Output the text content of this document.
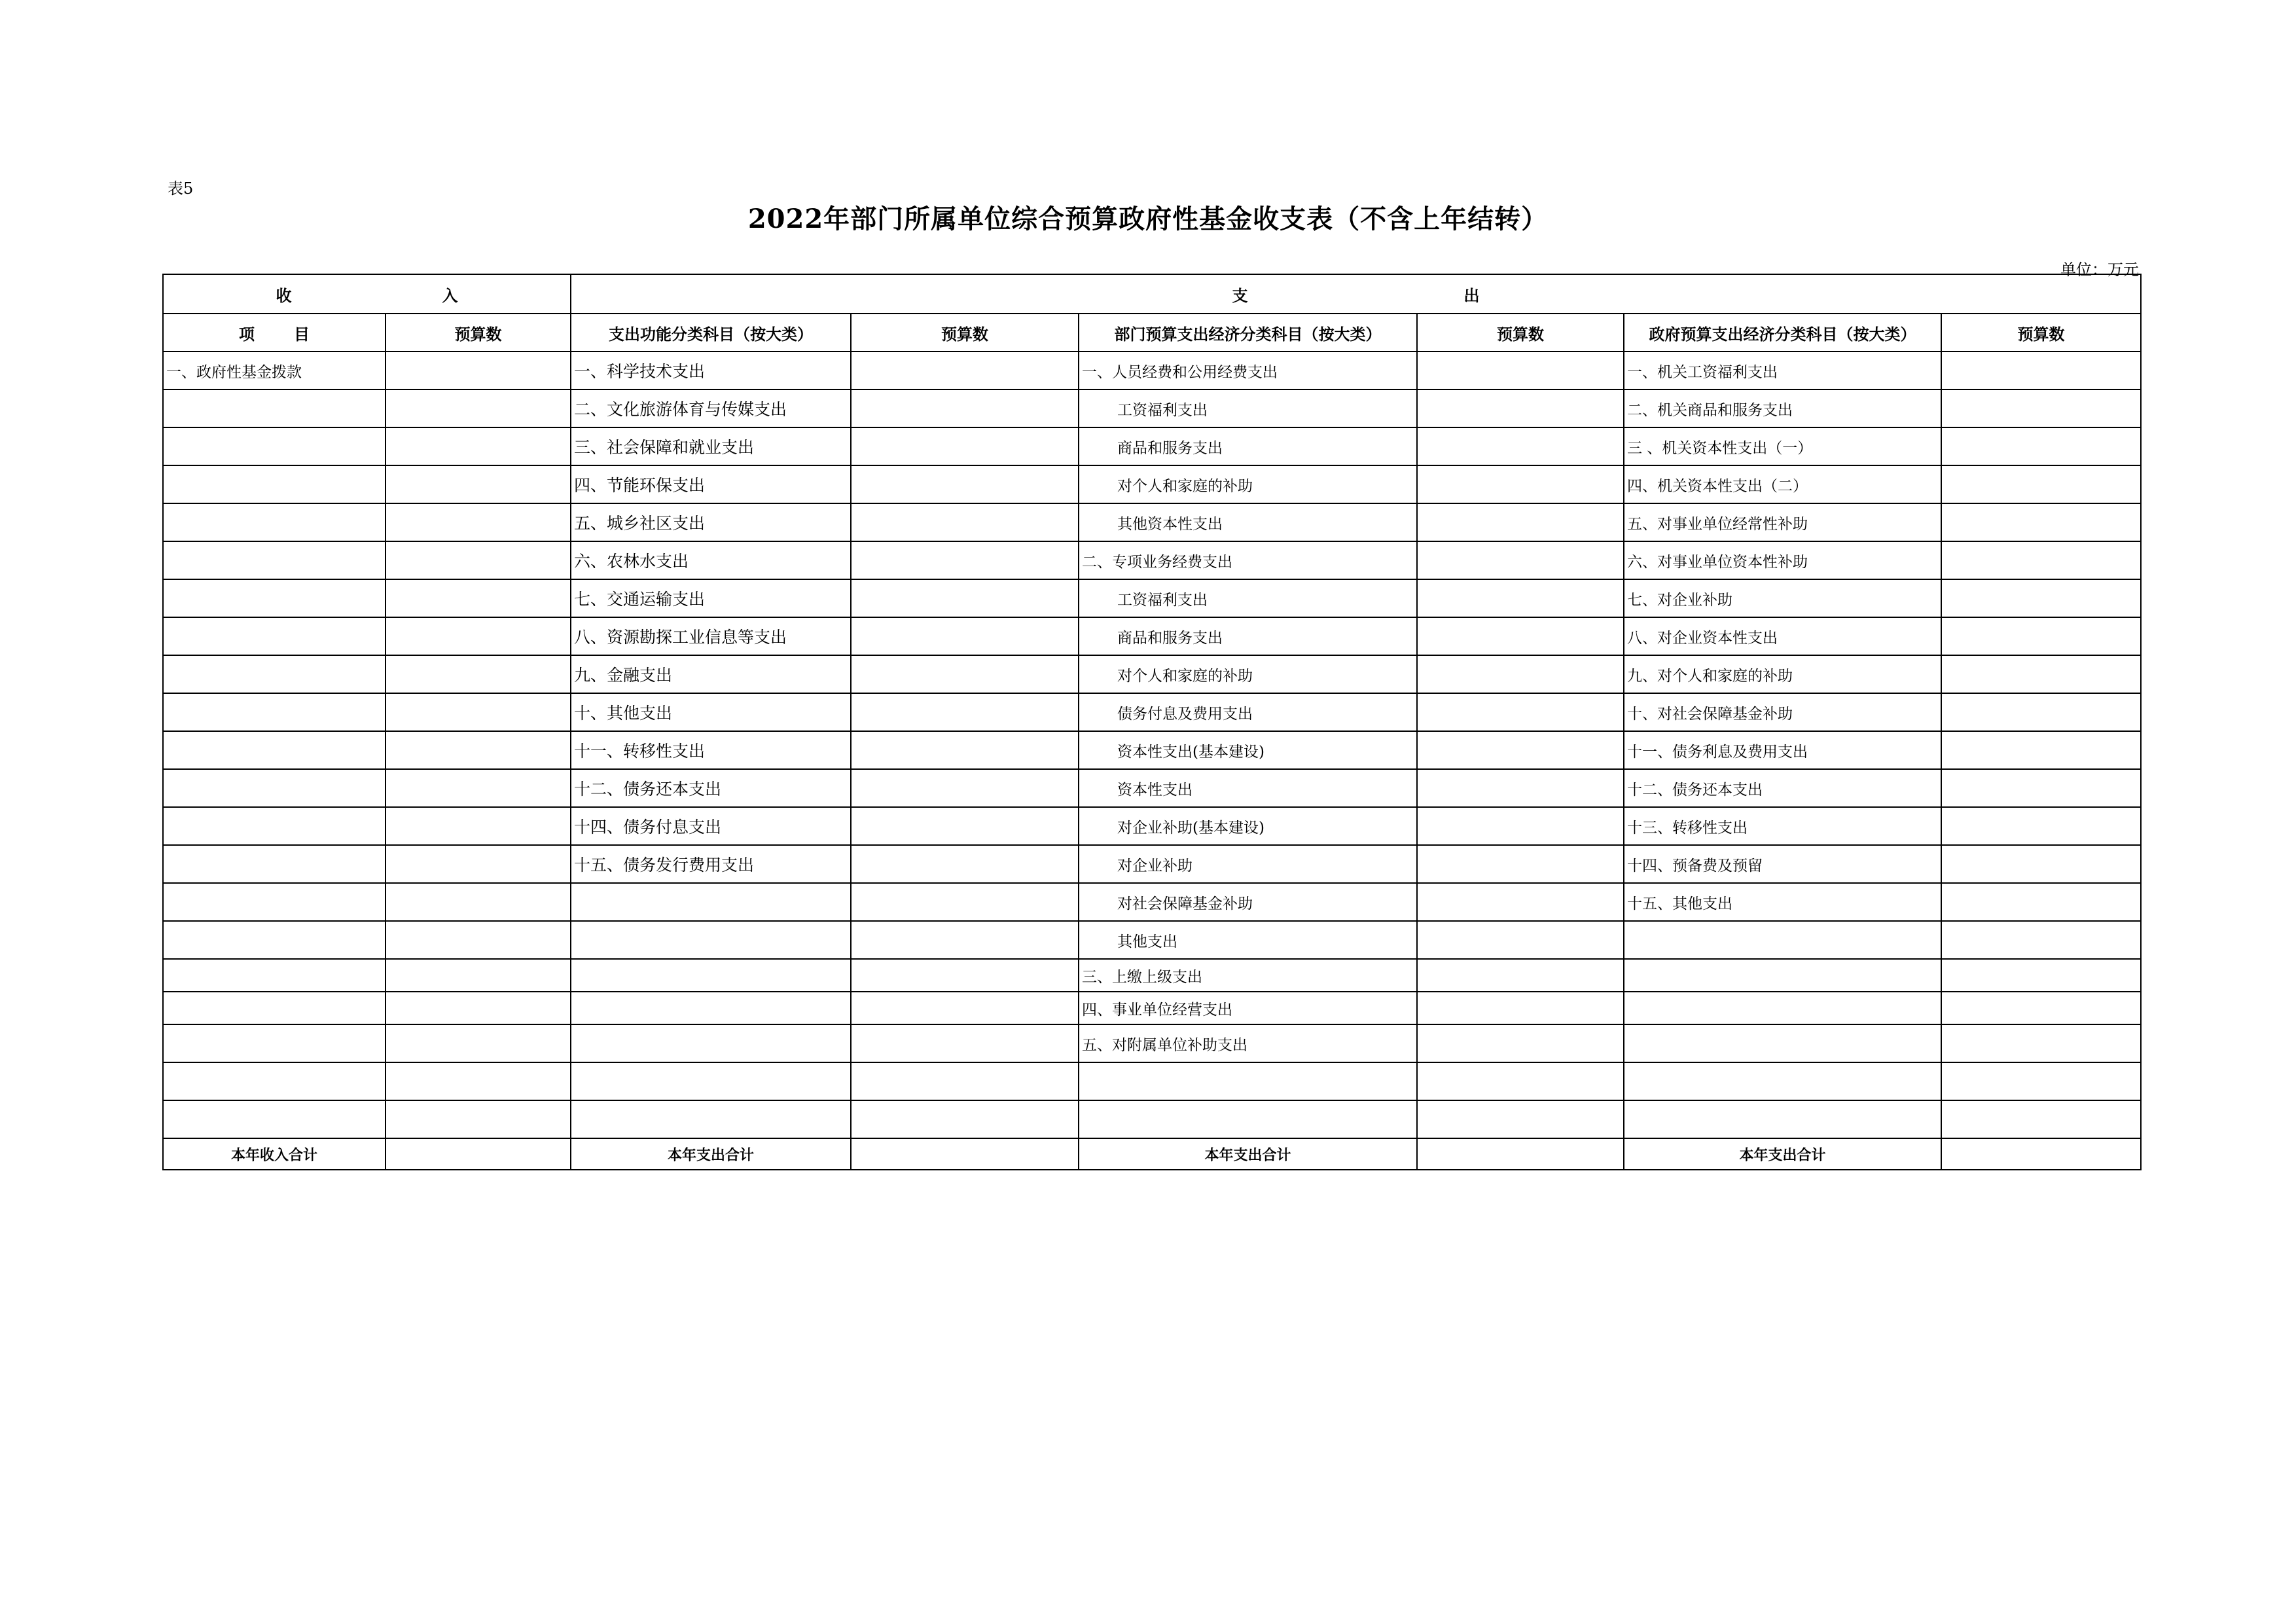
表5
2022年部门所属单位综合预算政府性基金收支表（不含上年结转）
单位：万元
收 入		支 出					
项 目	预算数	支出功能分类科目（按大类）	预算数	部门预算支出经济分类科目（按大类）	预算数	政府预算支出经济分类科目（按大类）	预算数
一、政府性基金拨款		一、科学技术支出		一、人员经费和公用经费支出		一、机关工资福利支出	
		二、文化旅游体育与传媒支出		工资福利支出		二、机关商品和服务支出	
		三、社会保障和就业支出		商品和服务支出		三 、机关资本性支出（一）	
		四、节能环保支出		对个人和家庭的补助		四、机关资本性支出（二）	
		五、城乡社区支出		其他资本性支出		五、对事业单位经常性补助	
		六、农林水支出		二、专项业务经费支出		六、对事业单位资本性补助	
		七、交通运输支出		工资福利支出		七、对企业补助	
		八、资源勘探工业信息等支出		商品和服务支出		八、对企业资本性支出	
		九、金融支出		对个人和家庭的补助		九、对个人和家庭的补助	
		十、其他支出		债务付息及费用支出		十、对社会保障基金补助	
		十一、转移性支出		资本性支出(基本建设)		十一、债务利息及费用支出	
		十二、债务还本支出		资本性支出		十二、债务还本支出	
		十四、债务付息支出		对企业补助(基本建设)		十三、转移性支出	
		十五、债务发行费用支出		对企业补助		十四、预备费及预留	
				对社会保障基金补助		十五、其他支出	
				其他支出			
				三、上缴上级支出			
				四、事业单位经营支出			
				五、对附属单位补助支出			

本年收入合计		本年支出合计		本年支出合计		本年支出合计	
